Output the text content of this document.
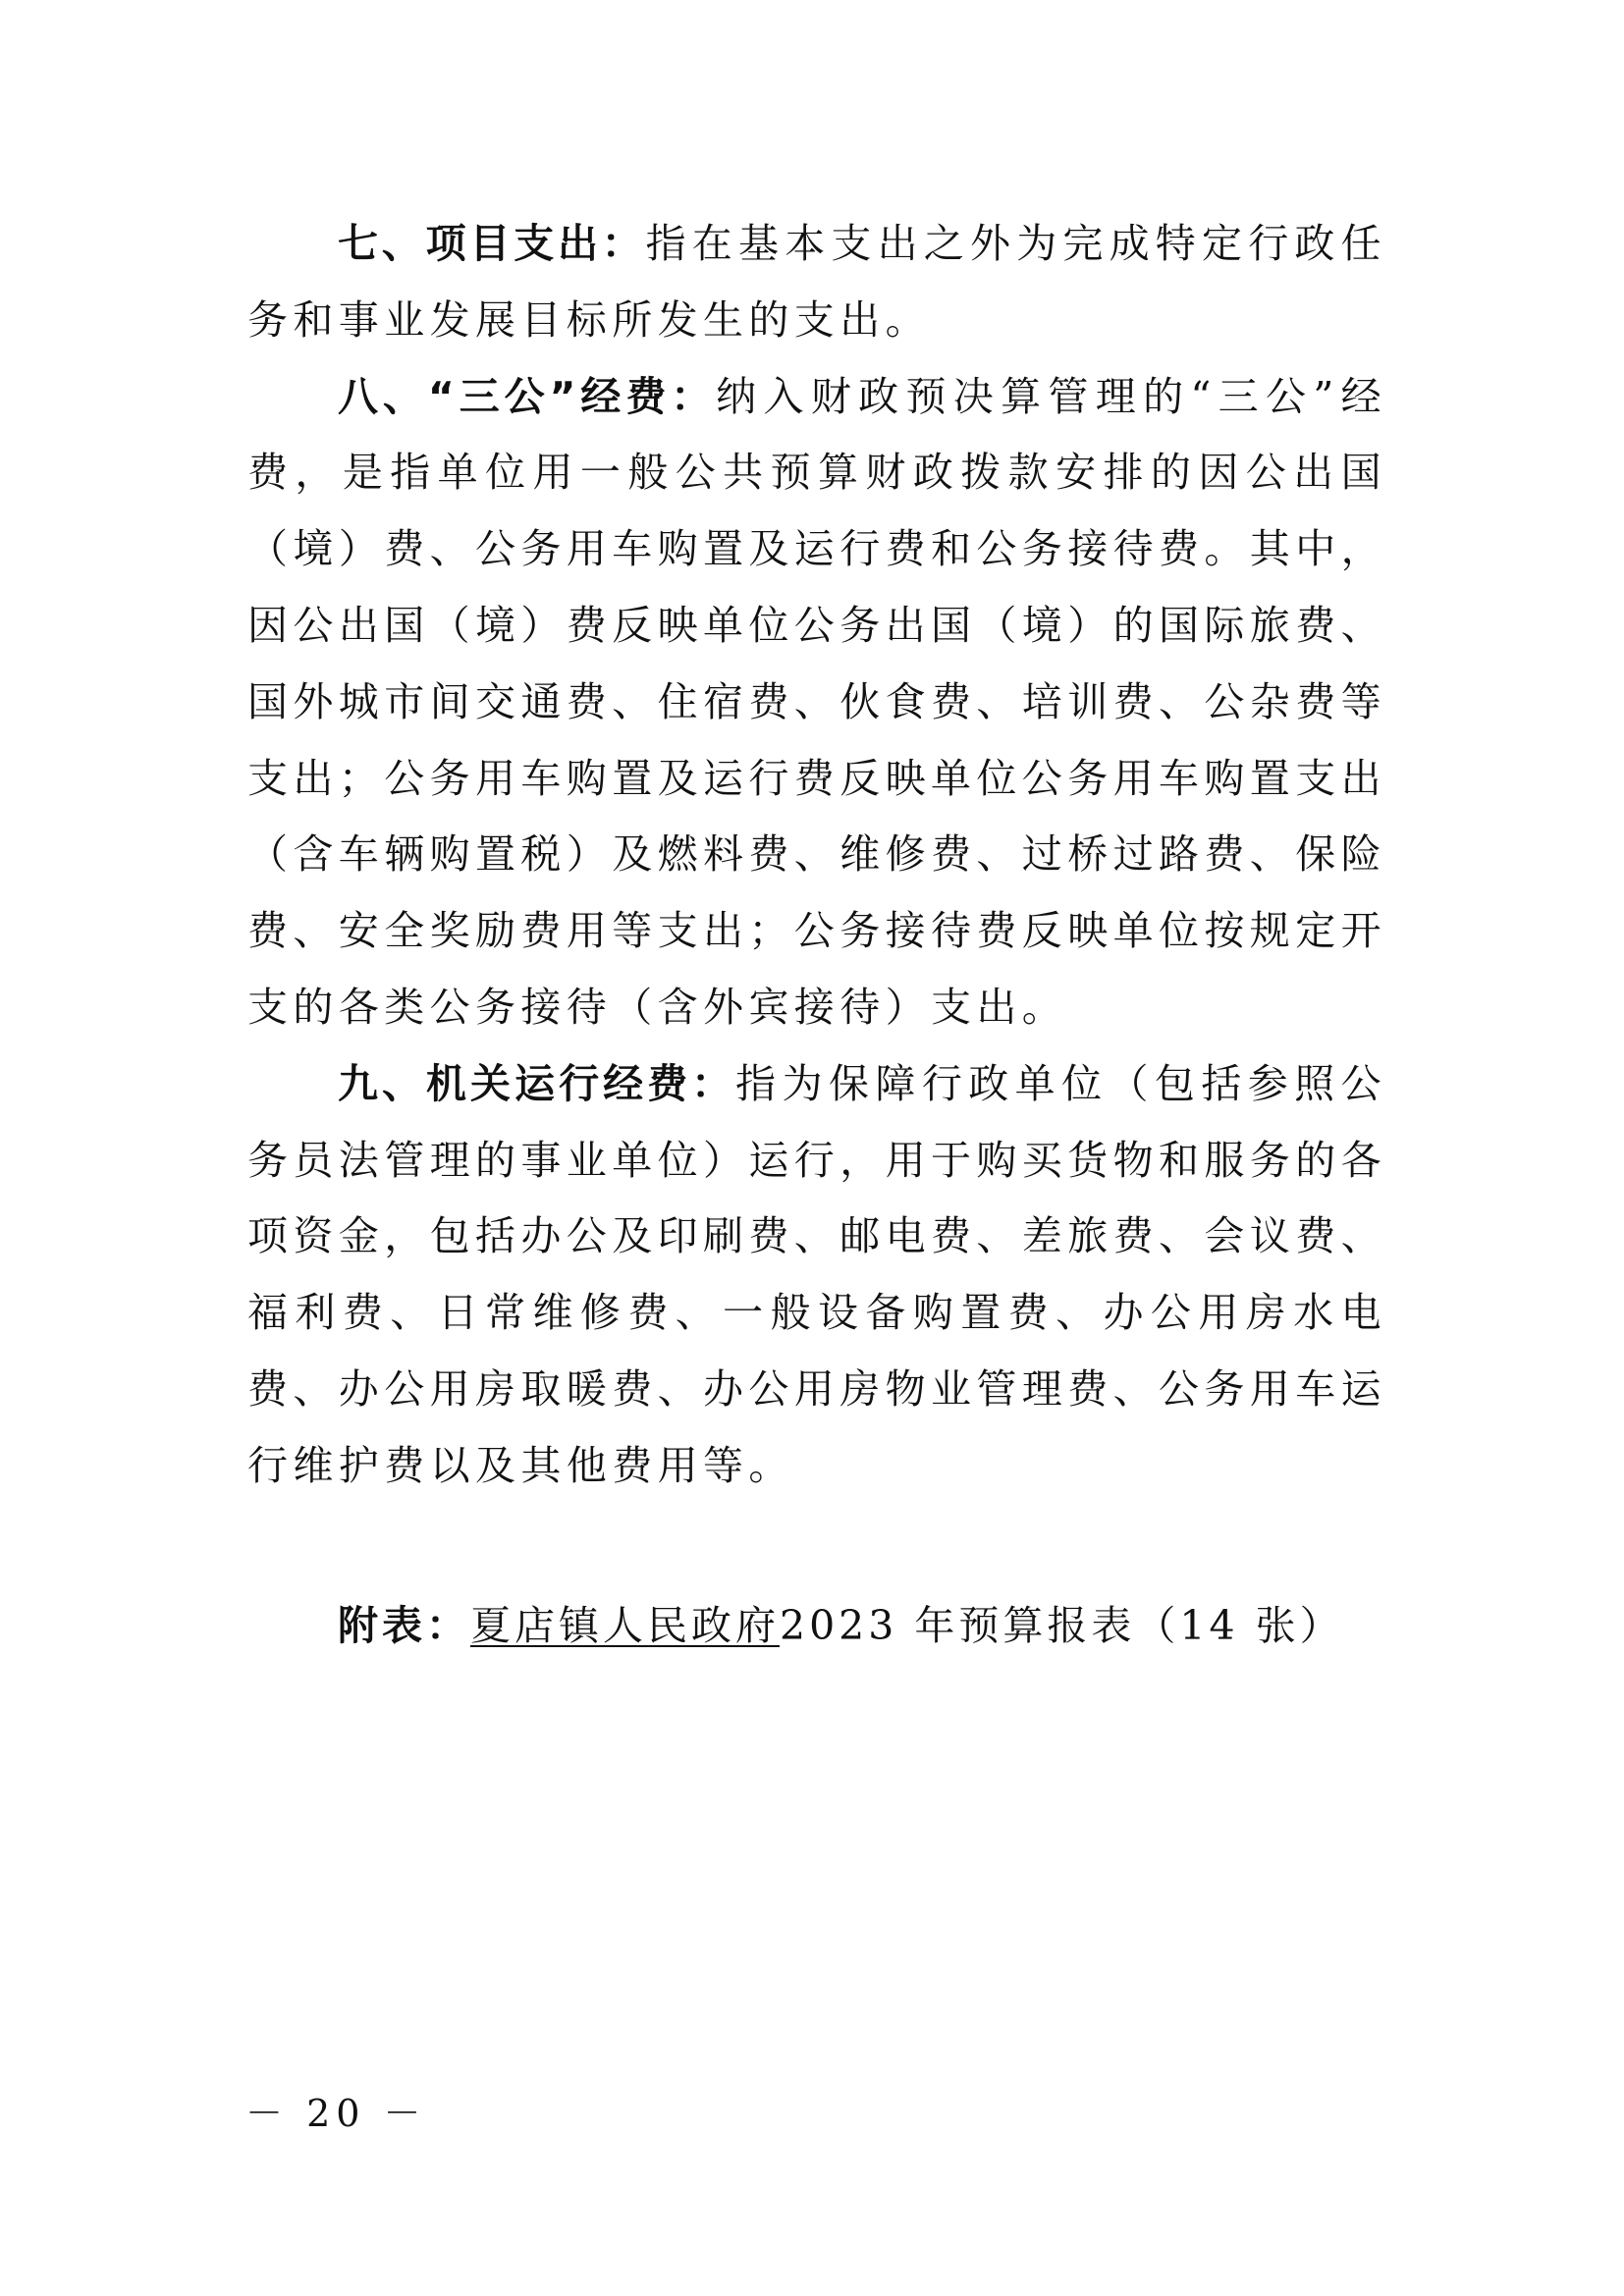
七、项目支出：指在基本支出之外为完成特定行政任务和事业发展目标所发生的支出。

八、“三公”经费：纳入财政预决算管理的“三公”经费，是指单位用一般公共预算财政拨款安排的因公出国（境）费、公务用车购置及运行费和公务接待费。其中，因公出国（境）费反映单位公务出国（境）的国际旅费、国外城市间交通费、住宿费、伙食费、培训费、公杂费等支出；公务用车购置及运行费反映单位公务用车购置支出（含车辆购置税）及燃料费、维修费、过桥过路费、保险费、安全奖励费用等支出；公务接待费反映单位按规定开支的各类公务接待（含外宾接待）支出。

九、机关运行经费：指为保障行政单位（包括参照公务员法管理的事业单位）运行，用于购买货物和服务的各项资金，包括办公及印刷费、邮电费、差旅费、会议费、福利费、日常维修费、一般设备购置费、办公用房水电费、办公用房取暖费、办公用房物业管理费、公务用车运行维护费以及其他费用等。

附表：夏店镇人民政府2023 年预算报表（14 张）
－ 20 －
